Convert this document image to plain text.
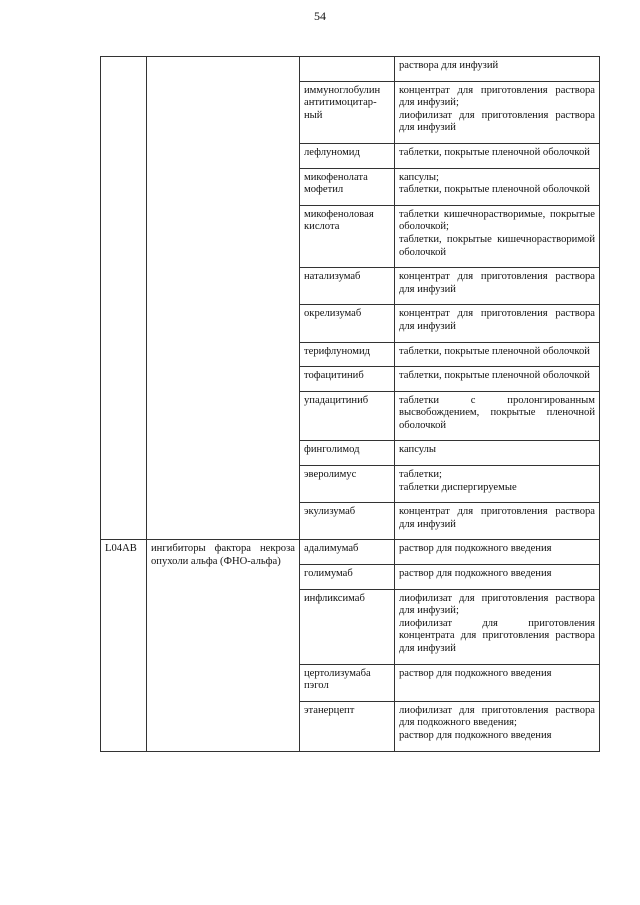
54

			раствора для инфузий

		иммуноглобулин антитимоцитар-ный	концентрат для приготовления раствора для инфузий;
лиофилизат для приготовления раствора для инфузий

		лефлуномид	таблетки, покрытые пленочной оболочкой

		микофенолата мофетил	капсулы;
таблетки, покрытые пленочной оболочкой

		микофеноловая кислота	таблетки кишечнорастворимые, покрытые оболочкой;
таблетки, покрытые кишечнорастворимой оболочкой

		натализумаб	концентрат для приготовления раствора для инфузий

		окрелизумаб	концентрат для приготовления раствора для инфузий

		терифлуномид	таблетки, покрытые пленочной оболочкой

		тофацитиниб	таблетки, покрытые пленочной оболочкой

		упадацитиниб	таблетки с пролонгированным высвобождением, покрытые пленочной оболочкой

		финголимод	капсулы

		эверолимус	таблетки;
таблетки диспергируемые

		экулизумаб	концентрат для приготовления раствора для инфузий

L04AB	ингибиторы фактора некроза опухоли альфа (ФНО-альфа)	адалимумаб	раствор для подкожного введения

		голимумаб	раствор для подкожного введения

		инфликсимаб	лиофилизат для приготовления раствора для инфузий;
лиофилизат для приготовления концентрата для приготовления раствора для инфузий

		цертолизумаба пэгол	раствор для подкожного введения

		этанерцепт	лиофилизат для приготовления раствора для подкожного введения;
раствор для подкожного введения
